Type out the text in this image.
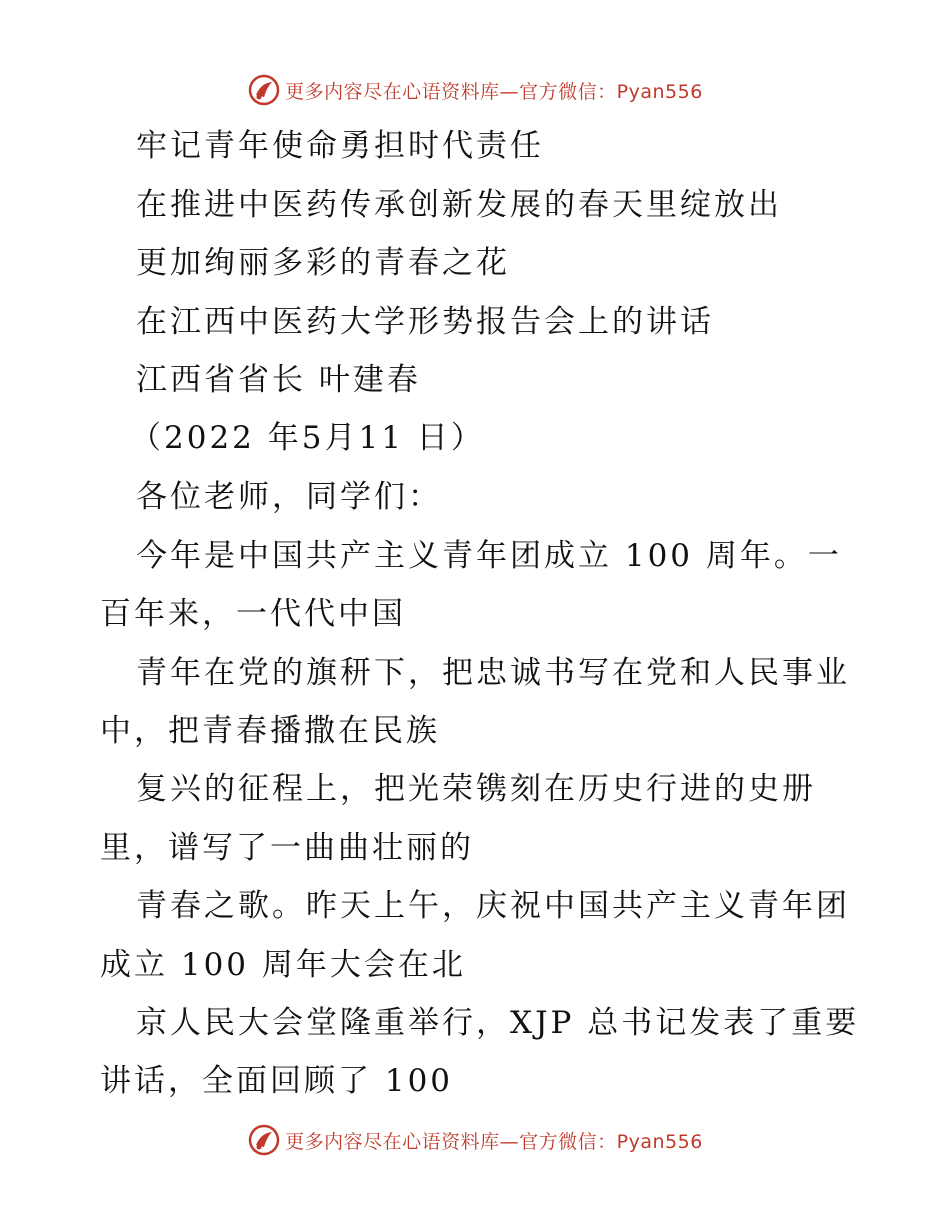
更多内容尽在心语资料库—官方微信：Pyan556
牢记青年使命勇担时代责任
在推进中医药传承创新发展的春天里绽放出
更加绚丽多彩的青春之花
在江西中医药大学形势报告会上的讲话
江西省省长 叶建春
（2022 年5月11 日）
各位老师，同学们：
今年是中国共产主义青年团成立 100 周年。一
百年来，一代代中国
青年在党的旗䄯下，把忠诚书写在党和人民事业
中，把青春播撒在民族
复兴的征程上，把光荣镌刻在历史行进的史册
里，谱写了一曲曲壮丽的
青春之歌。昨天上午，庆祝中国共产主义青年团
成立 100 周年大会在北
京人民大会堂隆重举行，XJP 总书记发表了重要
讲话，全面回顾了 100
更多内容尽在心语资料库—官方微信：Pyan556
